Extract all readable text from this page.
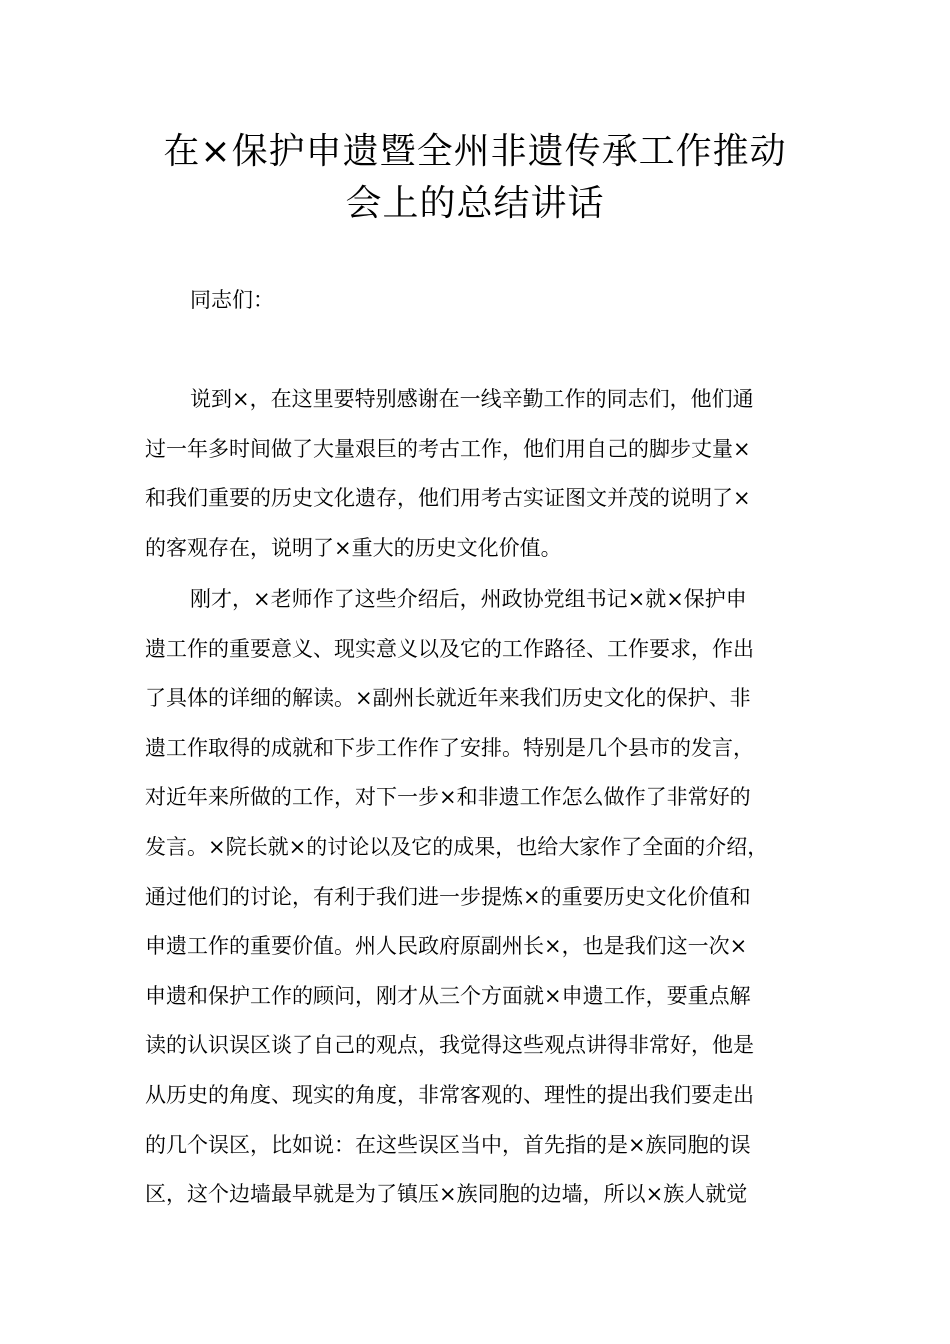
在×保护申遗暨全州非遗传承工作推动
会上的总结讲话

同志们：

说到×，在这里要特别感谢在一线辛勤工作的同志们，他们通
过一年多时间做了大量艰巨的考古工作，他们用自己的脚步丈量×
和我们重要的历史文化遗存，他们用考古实证图文并茂的说明了×
的客观存在，说明了×重大的历史文化价值。
刚才，×老师作了这些介绍后，州政协党组书记×就×保护申
遗工作的重要意义、现实意义以及它的工作路径、工作要求，作出
了具体的详细的解读。×副州长就近年来我们历史文化的保护、非
遗工作取得的成就和下步工作作了安排。特别是几个县市的发言，
对近年来所做的工作，对下一步×和非遗工作怎么做作了非常好的
发言。×院长就×的讨论以及它的成果，也给大家作了全面的介绍，
通过他们的讨论，有利于我们进一步提炼×的重要历史文化价值和
申遗工作的重要价值。州人民政府原副州长×，也是我们这一次×
申遗和保护工作的顾问，刚才从三个方面就×申遗工作，要重点解
读的认识误区谈了自己的观点，我觉得这些观点讲得非常好，他是
从历史的角度、现实的角度，非常客观的、理性的提出我们要走出
的几个误区，比如说：在这些误区当中，首先指的是×族同胞的误
区，这个边墙最早就是为了镇压×族同胞的边墙，所以×族人就觉
